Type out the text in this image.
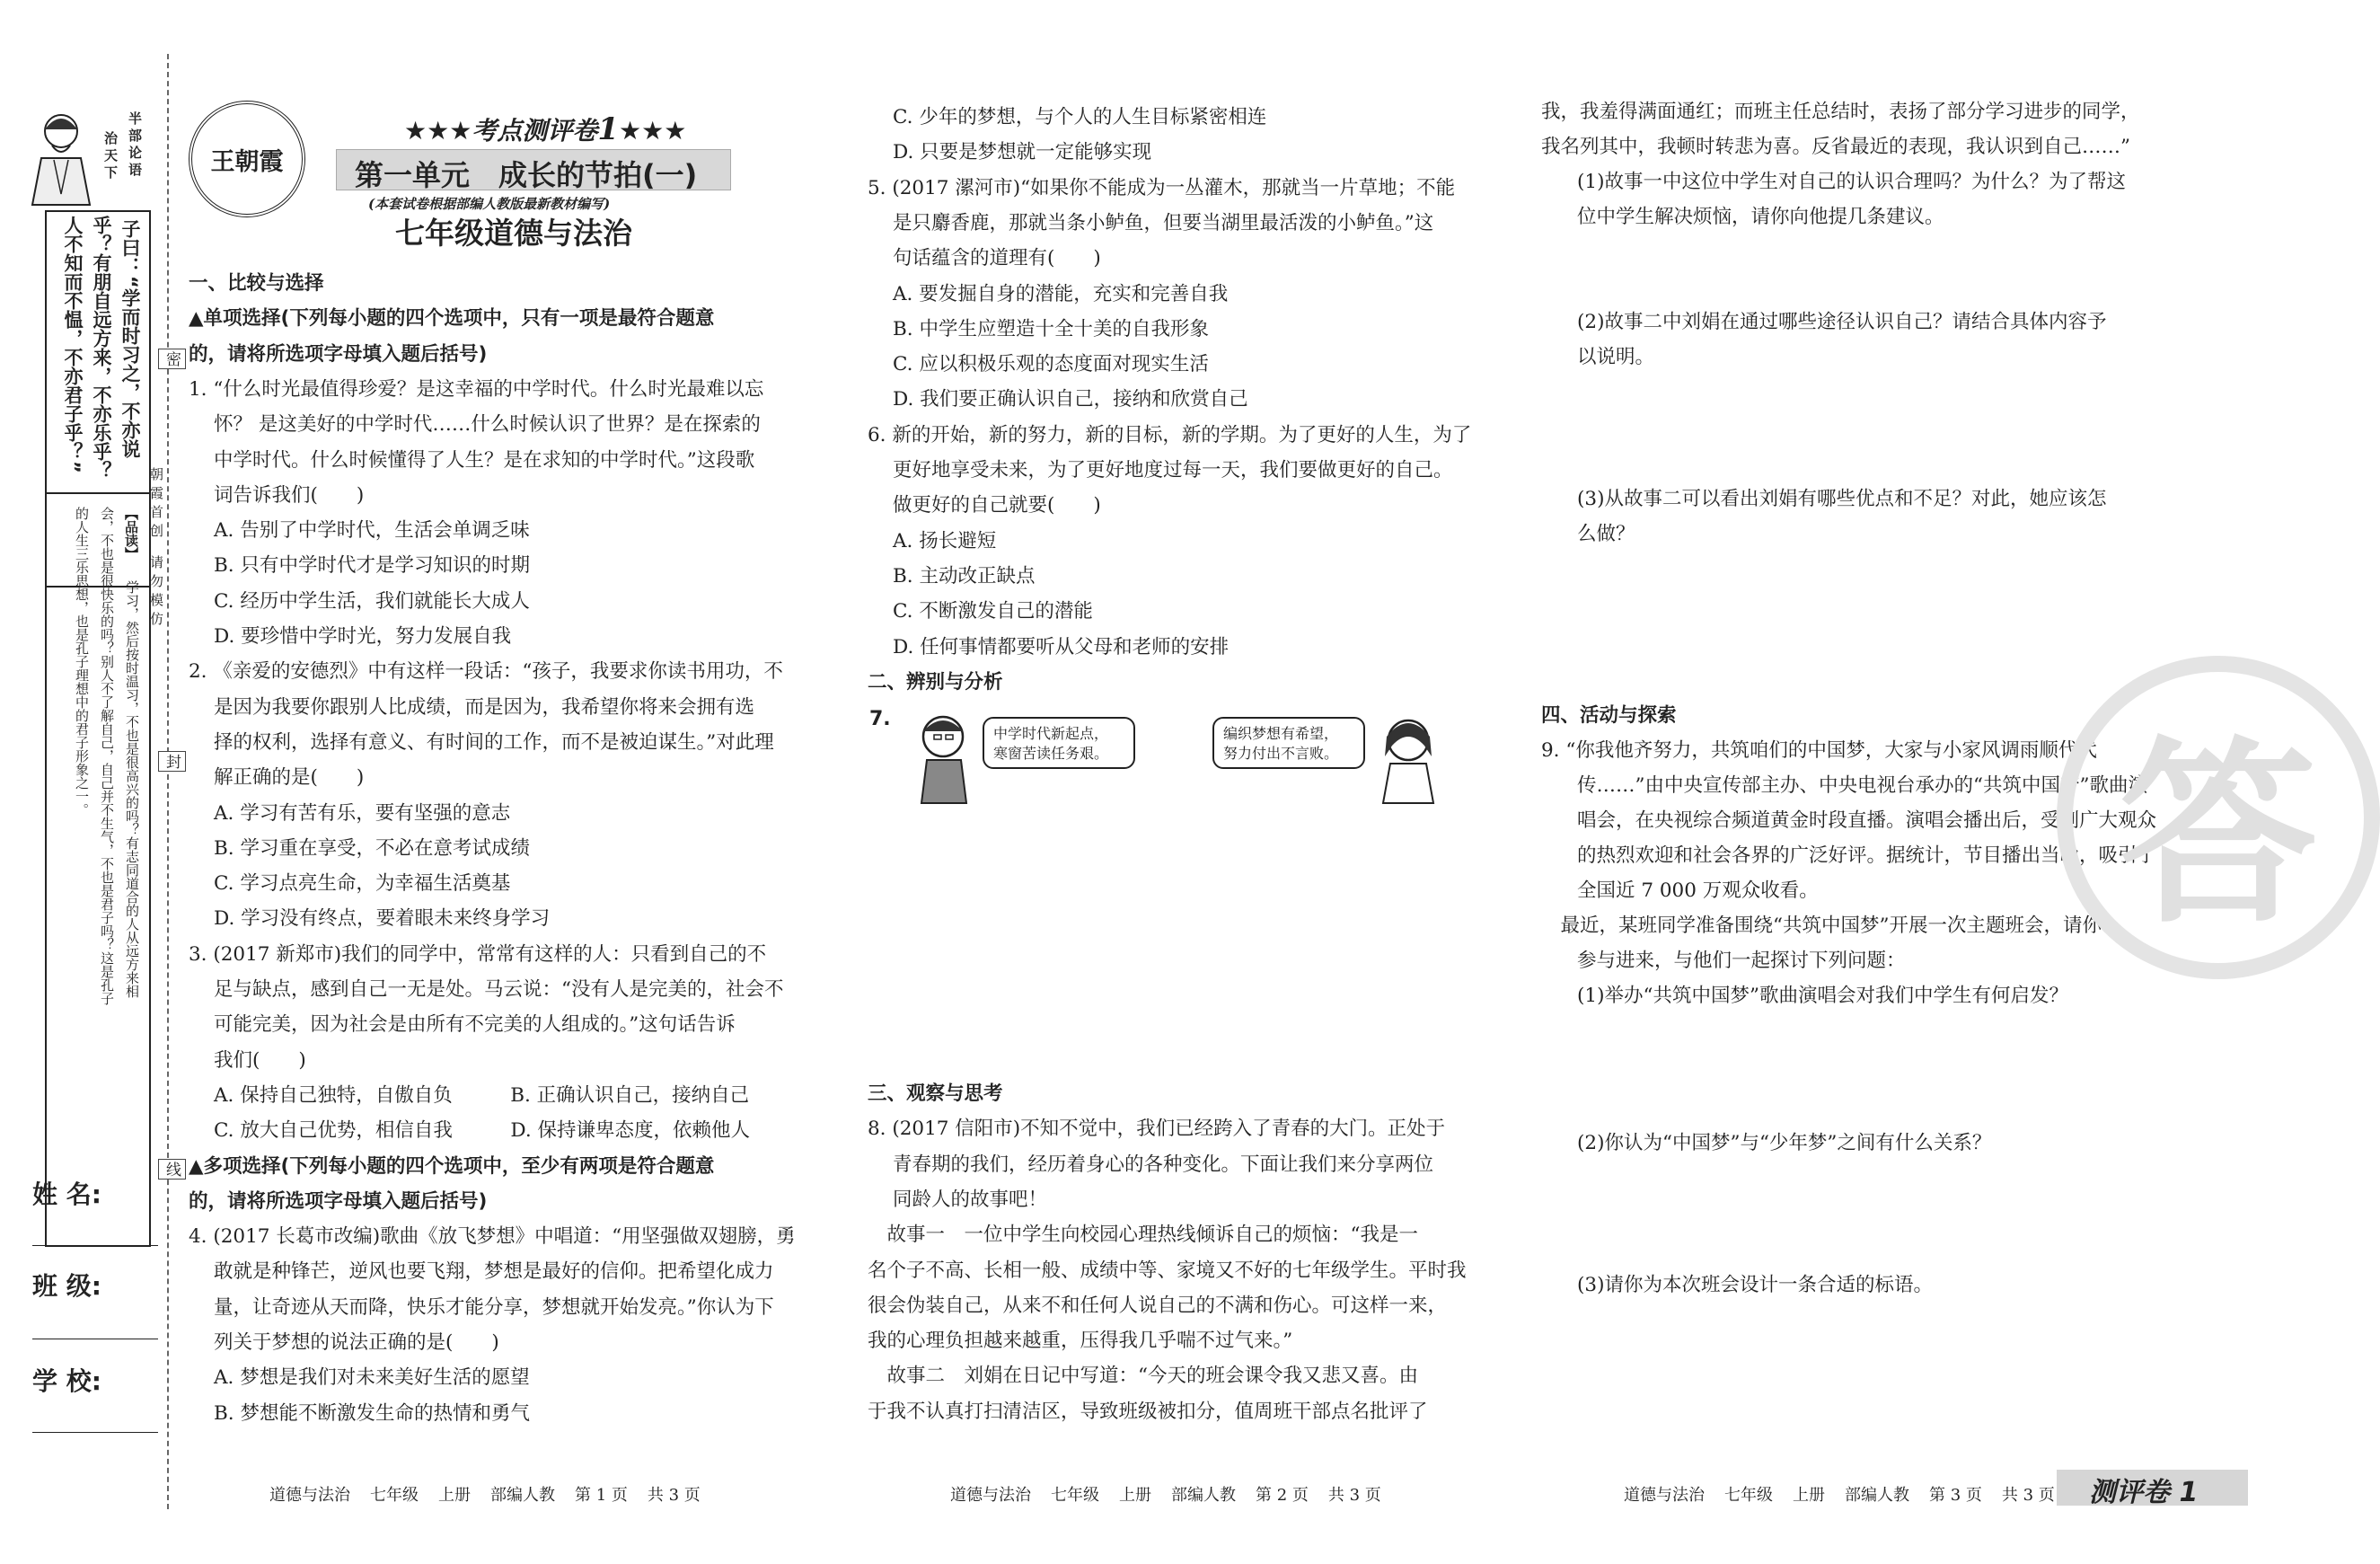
半部论语
治天下
子曰：“学而时习之，不亦说
乎？有朋自远方来，不亦乐乎？
人不知而不愠，不亦君子乎？”
【品读】
学习，然后按时温习，不也是很高兴的吗？有志同道合的人从远方来相
会，不也是很快乐的吗？别人不了解自己，自己并不生气，不也是君子吗？这是孔子
的人生三乐思想，也是孔子理想中的君子形象之一。
朝霞首创
请勿模仿
密
封
线
姓 名:
班 级:
学 校:
王朝霞
★★★考点测评卷1★★★
第一单元　成长的节拍(一)
(本套试卷根据部编人教版最新教材编写)
七年级道德与法治
一、比较与选择
▲单项选择(下列每小题的四个选项中，只有一项是最符合题意
的，请将所选项字母填入题后括号)
1. “什么时光最值得珍爱？是这幸福的中学时代。什么时光最难以忘
怀？ 是这美好的中学时代……什么时候认识了世界？是在探索的
中学时代。什么时候懂得了人生？是在求知的中学时代。”这段歌
词告诉我们(　　)
A. 告别了中学时代，生活会单调乏味
B. 只有中学时代才是学习知识的时期
C. 经历中学生活，我们就能长大成人
D. 要珍惜中学时光，努力发展自我
2. 《亲爱的安德烈》中有这样一段话：“孩子，我要求你读书用功，不
是因为我要你跟别人比成绩，而是因为，我希望你将来会拥有选
择的权利，选择有意义、有时间的工作，而不是被迫谋生。”对此理
解正确的是(　　)
A. 学习有苦有乐，要有坚强的意志
B. 学习重在享受，不必在意考试成绩
C. 学习点亮生命，为幸福生活奠基
D. 学习没有终点，要着眼未来终身学习
3. (2017 新郑市)我们的同学中，常常有这样的人：只看到自己的不
足与缺点，感到自己一无是处。马云说：“没有人是完美的，社会不
可能完美，因为社会是由所有不完美的人组成的。”这句话告诉
我们(　　)
A. 保持自己独特，自傲自负　　　B. 正确认识自己，接纳自己
C. 放大自己优势，相信自我　　　D. 保持谦卑态度，依赖他人
▲多项选择(下列每小题的四个选项中，至少有两项是符合题意
的，请将所选项字母填入题后括号)
4. (2017 长葛市改编)歌曲《放飞梦想》中唱道：“用坚强做双翅膀，勇
敢就是种锋芒，逆风也要飞翔，梦想是最好的信仰。把希望化成力
量，让奇迹从天而降，快乐才能分享，梦想就开始发亮。”你认为下
列关于梦想的说法正确的是(　　)
A. 梦想是我们对未来美好生活的愿望
B. 梦想能不断激发生命的热情和勇气
C. 少年的梦想，与个人的人生目标紧密相连
D. 只要是梦想就一定能够实现
5. (2017 漯河市)“如果你不能成为一丛灌木，那就当一片草地；不能
是只麝香鹿，那就当条小鲈鱼，但要当湖里最活泼的小鲈鱼。”这
句话蕴含的道理有(　　)
A. 要发掘自身的潜能，充实和完善自我
B. 中学生应塑造十全十美的自我形象
C. 应以积极乐观的态度面对现实生活
D. 我们要正确认识自己，接纳和欣赏自己
6. 新的开始，新的努力，新的目标，新的学期。为了更好的人生，为了
更好地享受未来，为了更好地度过每一天，我们要做更好的自己。
做更好的自己就要(　　)
A. 扬长避短
B. 主动改正缺点
C. 不断激发自己的潜能
D. 任何事情都要听从父母和老师的安排
二、辨别与分析
7.
中学时代新起点，
寒窗苦读任务艰。
编织梦想有希望，
努力付出不言败。
三、观察与思考
8. (2017 信阳市)不知不觉中，我们已经跨入了青春的大门。正处于
青春期的我们，经历着身心的各种变化。下面让我们来分享两位
同龄人的故事吧！
　故事一　一位中学生向校园心理热线倾诉自己的烦恼：“我是一
名个子不高、长相一般、成绩中等、家境又不好的七年级学生。平时我
很会伪装自己，从来不和任何人说自己的不满和伤心。可这样一来，
我的心理负担越来越重，压得我几乎喘不过气来。”
　故事二　刘娟在日记中写道：“今天的班会课令我又悲又喜。由
于我不认真打扫清洁区，导致班级被扣分，值周班干部点名批评了
我，我羞得满面通红；而班主任总结时，表扬了部分学习进步的同学，
我名列其中，我顿时转悲为喜。反省最近的表现，我认识到自己……”
(1)故事一中这位中学生对自己的认识合理吗？为什么？为了帮这
位中学生解决烦恼，请你向他提几条建议。
(2)故事二中刘娟在通过哪些途径认识自己？请结合具体内容予
以说明。
(3)从故事二可以看出刘娟有哪些优点和不足？对此，她应该怎
么做？
四、活动与探索
9. “你我他齐努力，共筑咱们的中国梦，大家与小家风调雨顺代代
传……”由中央宣传部主办、中央电视台承办的“共筑中国梦”歌曲演
唱会，在央视综合频道黄金时段直播。演唱会播出后，受到广大观众
的热烈欢迎和社会各界的广泛好评。据统计，节目播出当晚，吸引了
全国近 7 000 万观众收看。
　最近，某班同学准备围绕“共筑中国梦”开展一次主题班会，请你
参与进来，与他们一起探讨下列问题：
(1)举办“共筑中国梦”歌曲演唱会对我们中学生有何启发？
(2)你认为“中国梦”与“少年梦”之间有什么关系？
(3)请你为本次班会设计一条合适的标语。
答
道德与法治 七年级 上册 部编人教 第 1 页 共 3 页	道德与法治 七年级 上册 部编人教 第 2 页 共 3 页	道德与法治 七年级 上册 部编人教 第 3 页 共 3 页	测评卷 1
